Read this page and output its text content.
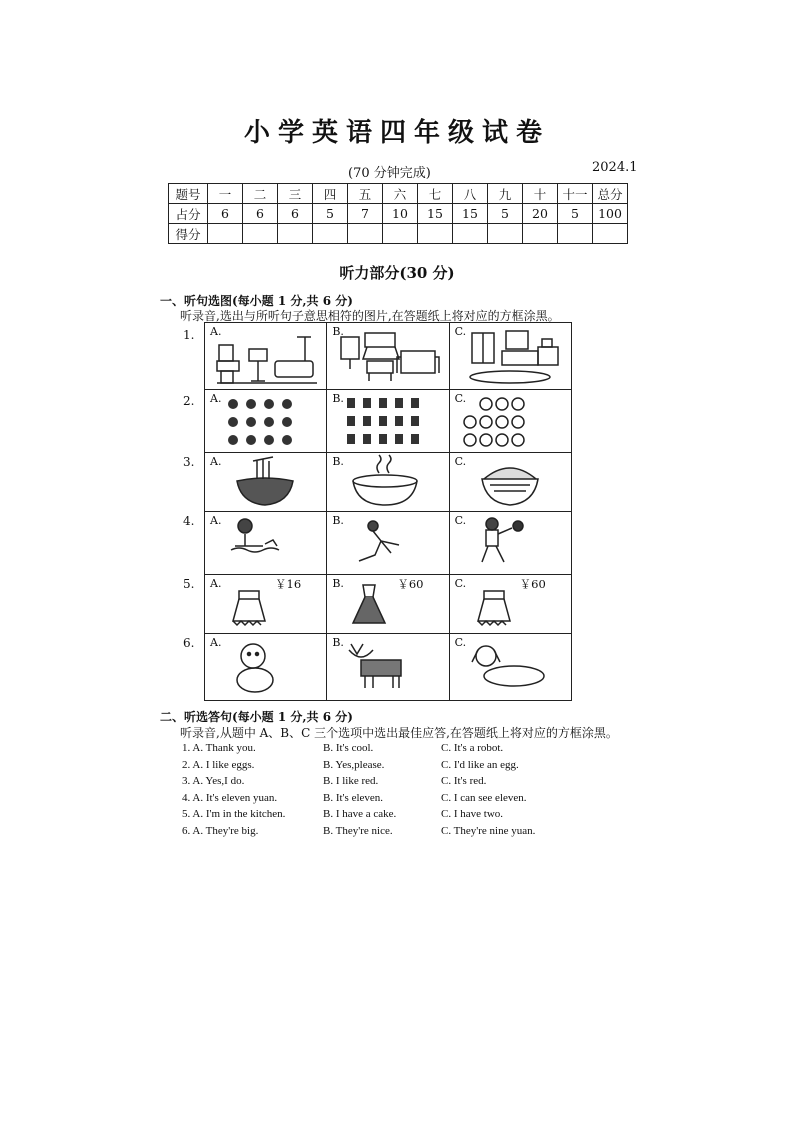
小学英语四年级试卷
(70 分钟完成)	2024.1
题号	一	二	三	四	五	六	七	八	九	十	十一	总分
占分	6	6	6	5	7	10	15	15	5	20	5	100
得分												
听力部分(30 分)
一、听句选图(每小题 1 分,共 6 分)
听录音,选出与所听句子意思相符的图片,在答题纸上将对应的方框涂黑。
1.
2.
3.
4.
5.
6.
A.	B.	C.
A.	B.	C.
A.	B.	C.
A.	B.	C.
A.	￥16	B.	￥60	C.	￥60
A.	B.	C.
二、听选答句(每小题 1 分,共 6 分)
听录音,从题中 A、B、C 三个选项中选出最佳应答,在答题纸上将对应的方框涂黑。
1. A. Thank you.	B. It's cool.	C. It's a robot.
2. A. I like eggs.	B. Yes,please.	C. I'd like an egg.
3. A. Yes,I do.	B. I like red.	C. It's red.
4. A. It's eleven yuan.	B. It's eleven.	C. I can see eleven.
5. A. I'm in the kitchen.	B. I have a cake.	C. I have two.
6. A. They're big.	B. They're nice.	C. They're nine yuan.
